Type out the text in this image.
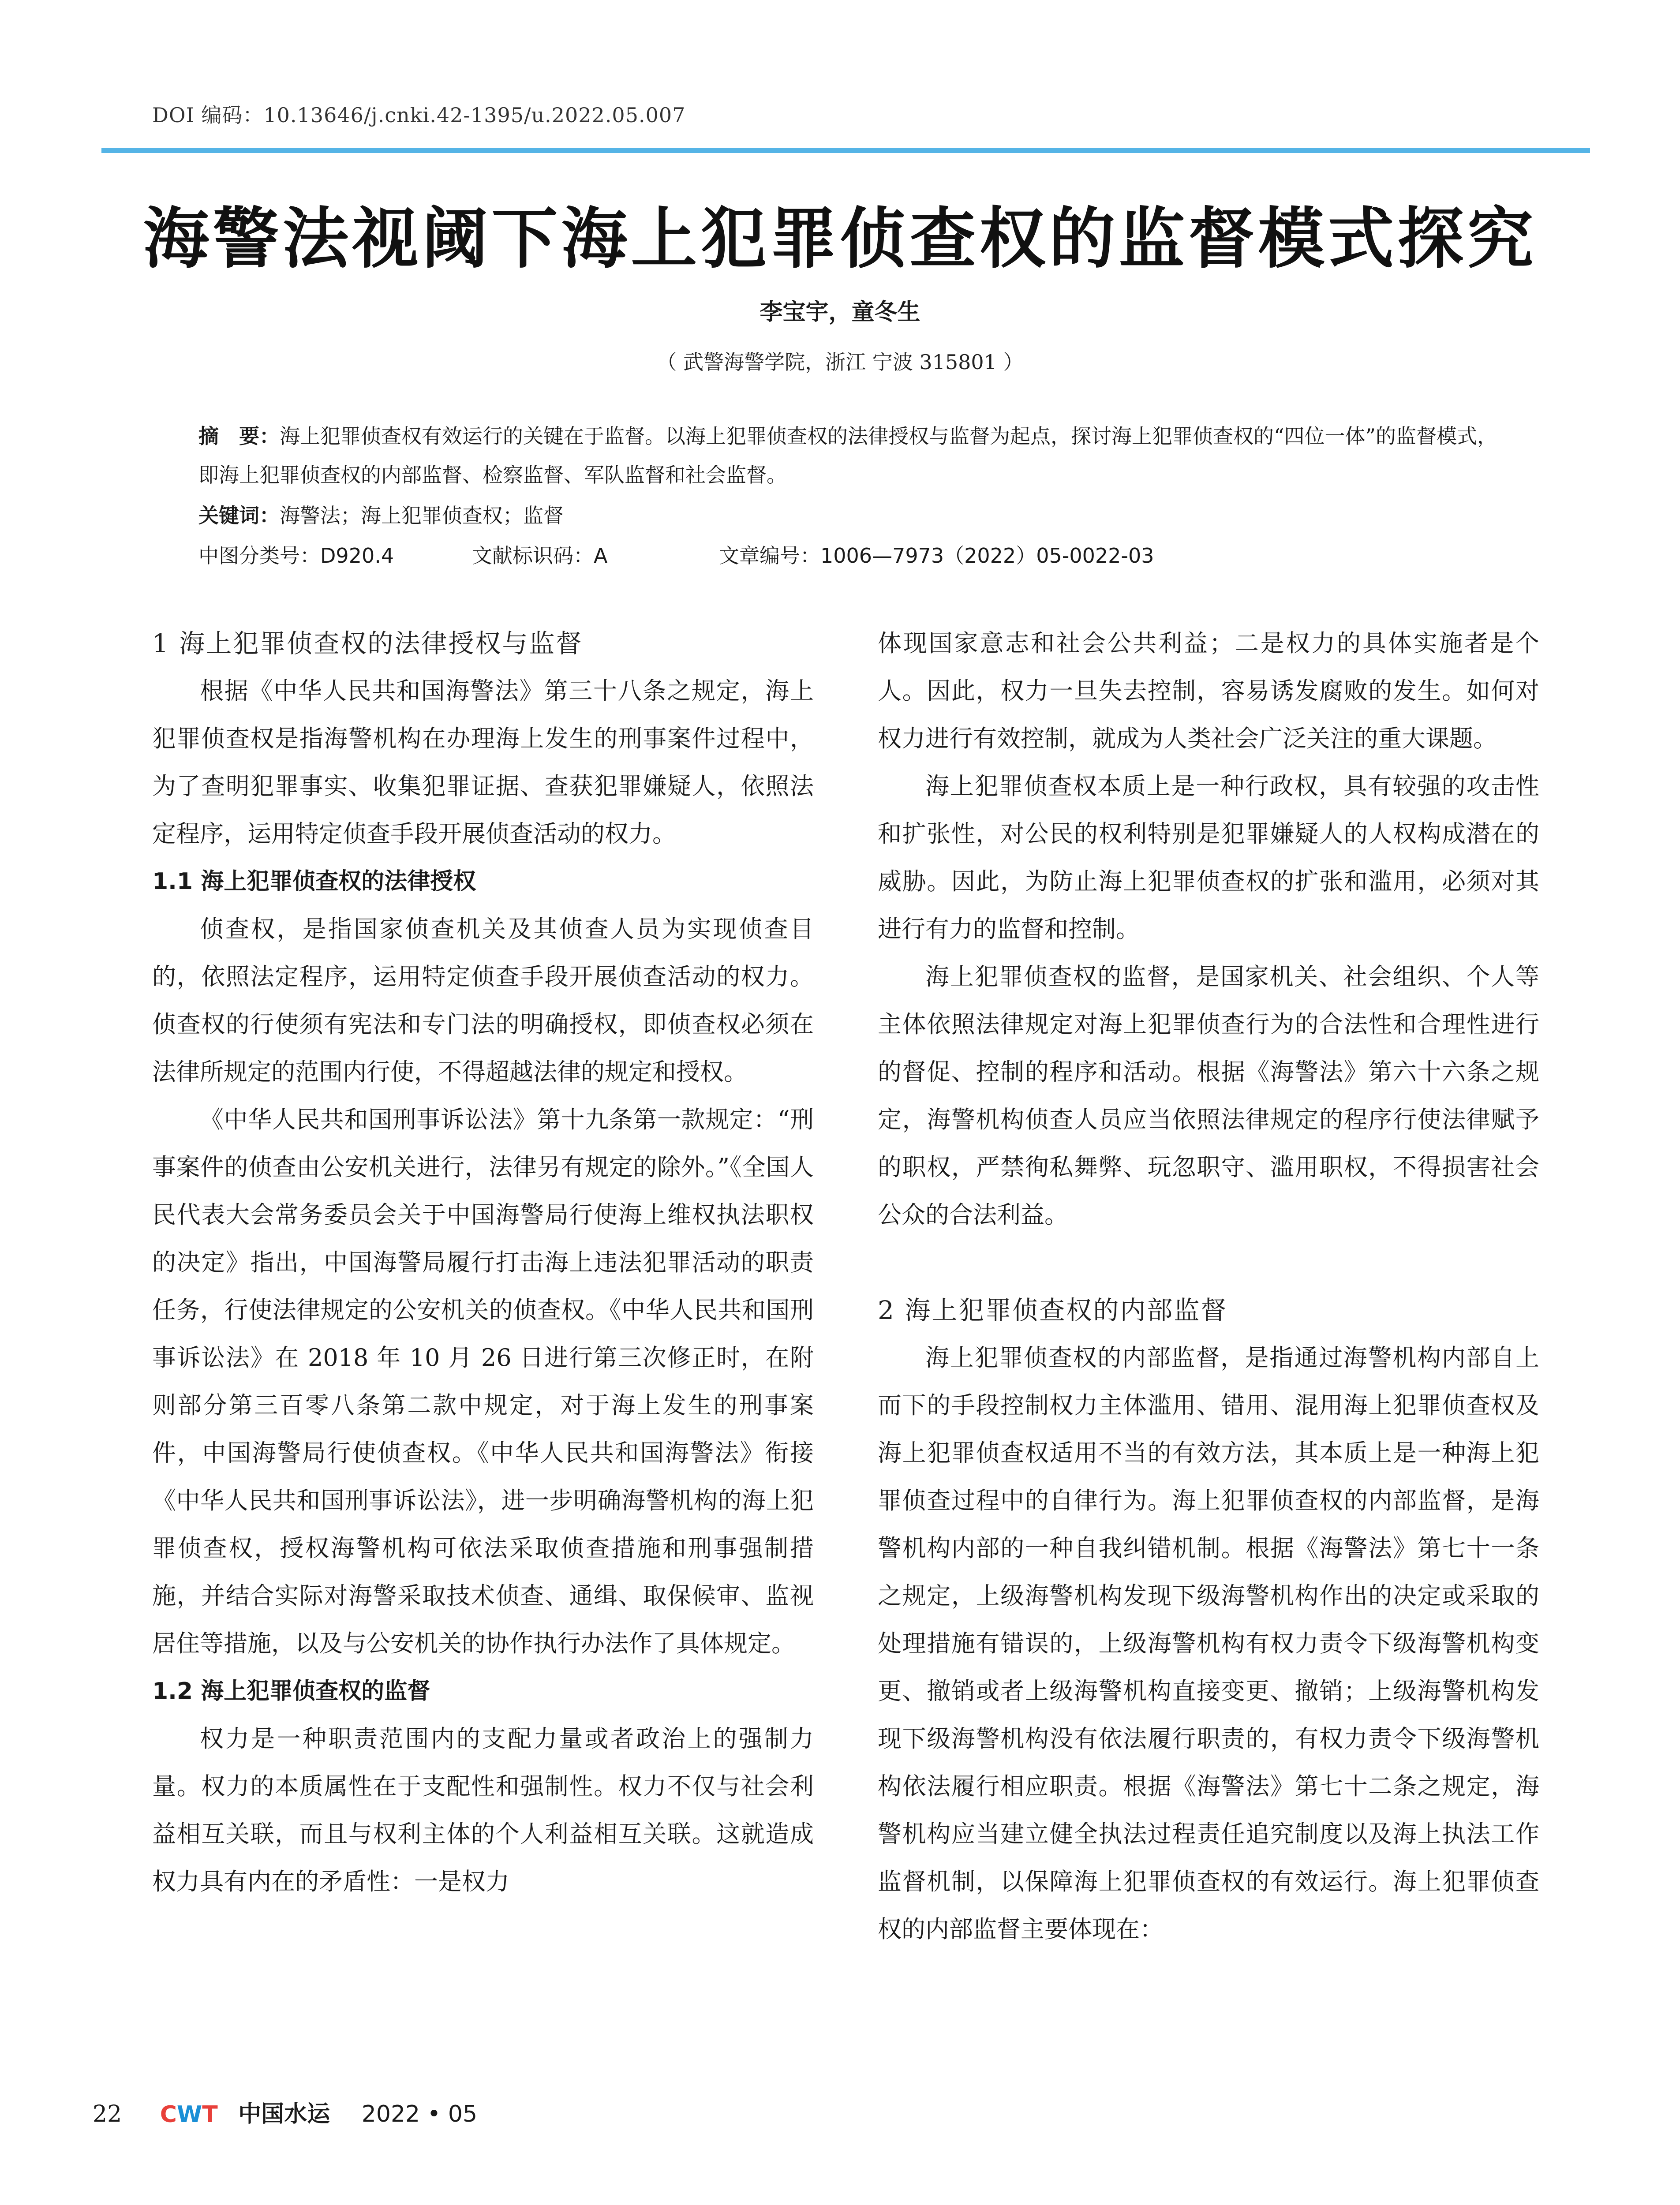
DOI 编码：10.13646/j.cnki.42-1395/u.2022.05.007
海警法视阈下海上犯罪侦查权的监督模式探究
李宝宇，童冬生
（ 武警海警学院，浙江 宁波 315801 ）
摘　要：海上犯罪侦查权有效运行的关键在于监督。以海上犯罪侦查权的法律授权与监督为起点，探讨海上犯罪侦查权的“四位一体”的监督模式，即海上犯罪侦查权的内部监督、检察监督、军队监督和社会监督。
关键词：海警法；海上犯罪侦查权；监督
中图分类号：D920.4	文献标识码：A	文章编号：1006—7973（2022）05-0022-03
1 海上犯罪侦查权的法律授权与监督

根据《中华人民共和国海警法》第三十八条之规定，海上犯罪侦查权是指海警机构在办理海上发生的刑事案件过程中，为了查明犯罪事实、收集犯罪证据、查获犯罪嫌疑人，依照法定程序，运用特定侦查手段开展侦查活动的权力。

1.1 海上犯罪侦查权的法律授权

侦查权，是指国家侦查机关及其侦查人员为实现侦查目的，依照法定程序，运用特定侦查手段开展侦查活动的权力。侦查权的行使须有宪法和专门法的明确授权，即侦查权必须在法律所规定的范围内行使，不得超越法律的规定和授权。

《中华人民共和国刑事诉讼法》第十九条第一款规定：“刑事案件的侦查由公安机关进行，法律另有规定的除外。”《全国人民代表大会常务委员会关于中国海警局行使海上维权执法职权的决定》指出，中国海警局履行打击海上违法犯罪活动的职责任务，行使法律规定的公安机关的侦查权。《中华人民共和国刑事诉讼法》在 2018 年 10 月 26 日进行第三次修正时，在附则部分第三百零八条第二款中规定，对于海上发生的刑事案件，中国海警局行使侦查权。《中华人民共和国海警法》衔接《中华人民共和国刑事诉讼法》，进一步明确海警机构的海上犯罪侦查权，授权海警机构可依法采取侦查措施和刑事强制措施，并结合实际对海警采取技术侦查、通缉、取保候审、监视居住等措施，以及与公安机关的协作执行办法作了具体规定。

1.2 海上犯罪侦查权的监督

权力是一种职责范围内的支配力量或者政治上的强制力量。权力的本质属性在于支配性和强制性。权力不仅与社会利益相互关联，而且与权利主体的个人利益相互关联。这就造成权力具有内在的矛盾性：一是权力

体现国家意志和社会公共利益；二是权力的具体实施者是个人。因此，权力一旦失去控制，容易诱发腐败的发生。如何对权力进行有效控制，就成为人类社会广泛关注的重大课题。

海上犯罪侦查权本质上是一种行政权，具有较强的攻击性和扩张性，对公民的权利特别是犯罪嫌疑人的人权构成潜在的威胁。因此，为防止海上犯罪侦查权的扩张和滥用，必须对其进行有力的监督和控制。

海上犯罪侦查权的监督，是国家机关、社会组织、个人等主体依照法律规定对海上犯罪侦查行为的合法性和合理性进行的督促、控制的程序和活动。根据《海警法》第六十六条之规定，海警机构侦查人员应当依照法律规定的程序行使法律赋予的职权，严禁徇私舞弊、玩忽职守、滥用职权，不得损害社会公众的合法利益。

2 海上犯罪侦查权的内部监督

海上犯罪侦查权的内部监督，是指通过海警机构内部自上而下的手段控制权力主体滥用、错用、混用海上犯罪侦查权及海上犯罪侦查权适用不当的有效方法，其本质上是一种海上犯罪侦查过程中的自律行为。海上犯罪侦查权的内部监督，是海警机构内部的一种自我纠错机制。根据《海警法》第七十一条之规定，上级海警机构发现下级海警机构作出的决定或采取的处理措施有错误的，上级海警机构有权力责令下级海警机构变更、撤销或者上级海警机构直接变更、撤销；上级海警机构发现下级海警机构没有依法履行职责的，有权力责令下级海警机构依法履行相应职责。根据《海警法》第七十二条之规定，海警机构应当建立健全执法过程责任追究制度以及海上执法工作监督机制，以保障海上犯罪侦查权的有效运行。海上犯罪侦查权的内部监督主要体现在：

22 CWT 中国水运 2022 • 05
